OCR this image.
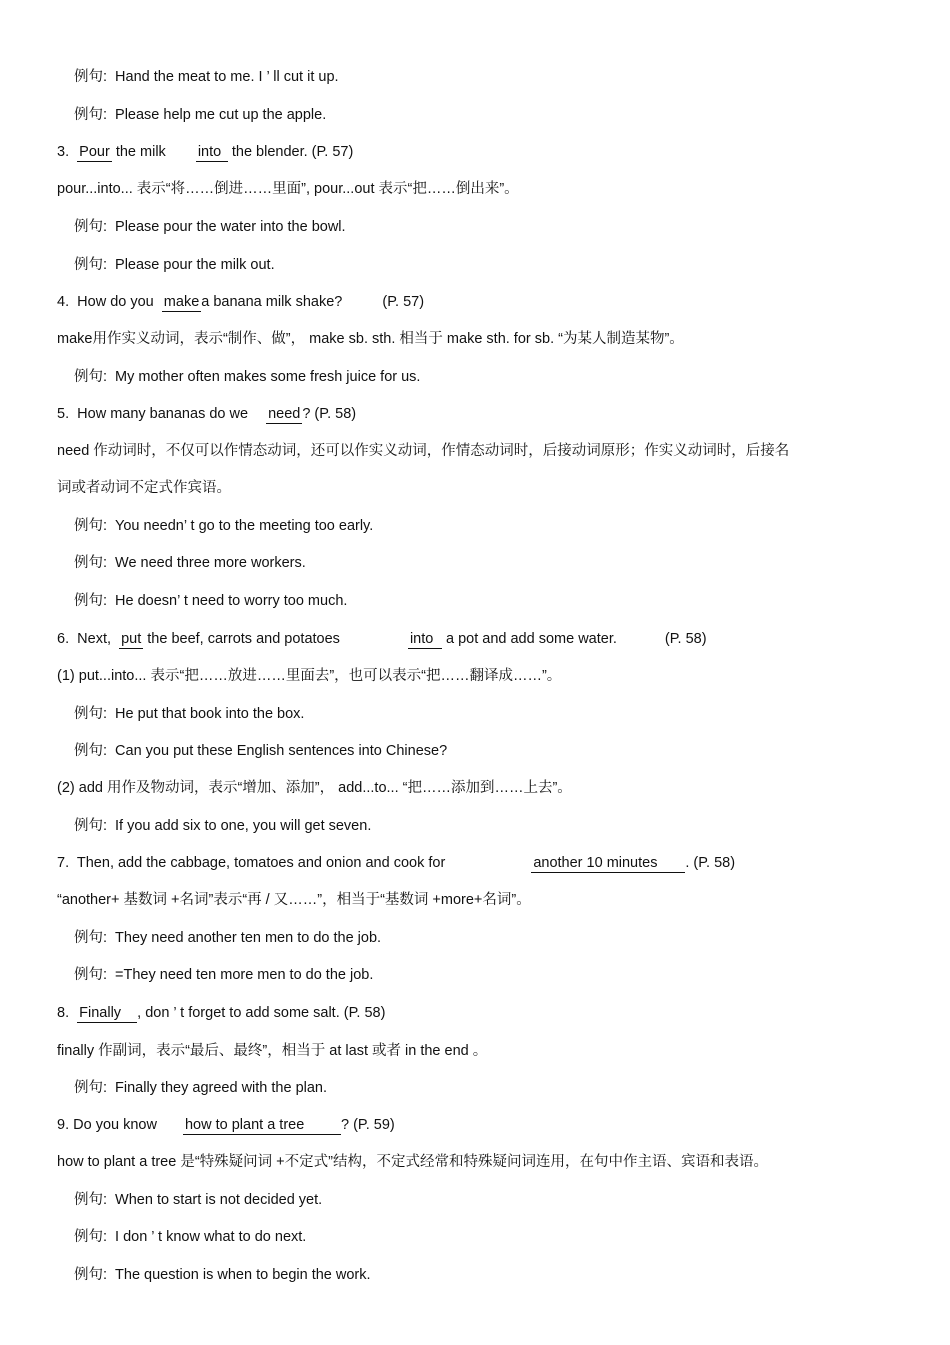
例句: Hand the meat to me. I ’ ll cut it up.
例句: Please help me cut up the apple.
3. Pour the milk into the blender. (P. 57)
pour...into... 表示“将……倒进……里面”, pour...out 表示“把……倒出来”。
例句: Please pour the water into the bowl.
例句: Please pour the milk out.
4. How do you make a banana milk shake?	(P. 57)
make用作实义动词，表示“制作、做”， make sb. sth. 相当于 make sth. for sb. “为某人制造某物”。
例句: My mother often makes some fresh juice for us.
5. How many bananas do we need ? (P. 58)
need 作动词时，不仅可以作情态动词，还可以作实义动词，作情态动词时，后接动词原形；作实义动词时，后接名
词或者动词不定式作宾语。
例句: You needn’ t go to the meeting too early.
例句: We need three more workers.
例句: He doesn’ t need to worry too much.
6. Next, put the beef, carrots and potatoes	into a pot and add some water.	(P. 58)
(1) put...into... 表示“把……放进……里面去”，也可以表示“把……翻译成……”。
例句: He put that book into the box.
例句: Can you put these English sentences into Chinese?
(2) add 用作及物动词，表示“增加、添加”， add...to... “把……添加到……上去”。
例句: If you add six to one, you will get seven.
7. Then, add the cabbage, tomatoes and onion and cook for	another 10 minutes . (P. 58)
“another+ 基数词 +名词”表示“再 / 又……”，相当于“基数词 +more+名词”。
例句: They need another ten men to do the job.
例句: =They need ten more men to do the job.
8. Finally , don ’ t forget to add some salt. (P. 58)
finally 作副词，表示“最后、最终”，相当于 at last 或者 in the end 。
例句: Finally they agreed with the plan.
9. Do you know how to plant a tree	? (P. 59)
how to plant a tree 是“特殊疑问词 +不定式”结构，不定式经常和特殊疑问词连用，在句中作主语、宾语和表语。
例句: When to start is not decided yet.
例句: I don ’ t know what to do next.
例句: The question is when to begin the work.
